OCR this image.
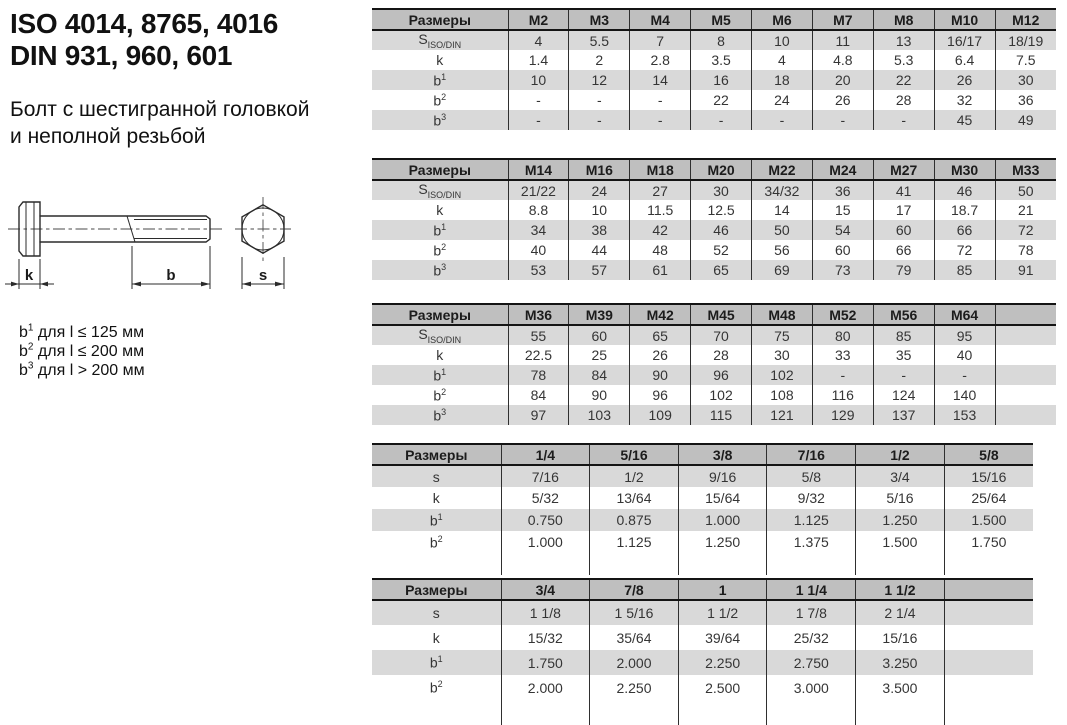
ISO 4014, 8765, 4016
DIN 931, 960, 601
Болт с шестигранной головкой
и неполной резьбой
k	b	s
$b^1$ для l ≤ 125 мм
$b^2$ для l ≤ 200 мм
$b^3$ для l > 200 мм
Размеры	M2	M3	M4	M5	M6	M7	M8	M10	M12
$S_{ISO/DIN}$	4	5.5	7	8	10	11	13	16/17	18/19
k	1.4	2	2.8	3.5	4	4.8	5.3	6.4	7.5
$b^1$	10	12	14	16	18	20	22	26	30
$b^2$	-	-	-	22	24	26	28	32	36
$b^3$	-	-	-	-	-	-	-	45	49
Размеры	M14	M16	M18	M20	M22	M24	M27	M30	M33
$S_{ISO/DIN}$	21/22	24	27	30	34/32	36	41	46	50
k	8.8	10	11.5	12.5	14	15	17	18.7	21
$b^1$	34	38	42	46	50	54	60	66	72
$b^2$	40	44	48	52	56	60	66	72	78
$b^3$	53	57	61	65	69	73	79	85	91
Размеры	M36	M39	M42	M45	M48	M52	M56	M64	
$S_{ISO/DIN}$	55	60	65	70	75	80	85	95	
k	22.5	25	26	28	30	33	35	40	
$b^1$	78	84	90	96	102	-	-	-	
$b^2$	84	90	96	102	108	116	124	140	
$b^3$	97	103	109	115	121	129	137	153	
Размеры	1/4	5/16	3/8	7/16	1/2	5/8
s	7/16	1/2	9/16	5/8	3/4	15/16
k	5/32	13/64	15/64	9/32	5/16	25/64
$b^1$	0.750	0.875	1.000	1.125	1.250	1.500
$b^2$	1.000	1.125	1.250	1.375	1.500	1.750

Размеры	3/4	7/8	1	1 1/4	1 1/2	
s	1 1/8	1 5/16	1 1/2	1 7/8	2 1/4	
k	15/32	35/64	39/64	25/32	15/16	
$b^1$	1.750	2.000	2.250	2.750	3.250	
$b^2$	2.000	2.250	2.500	3.000	3.500	
